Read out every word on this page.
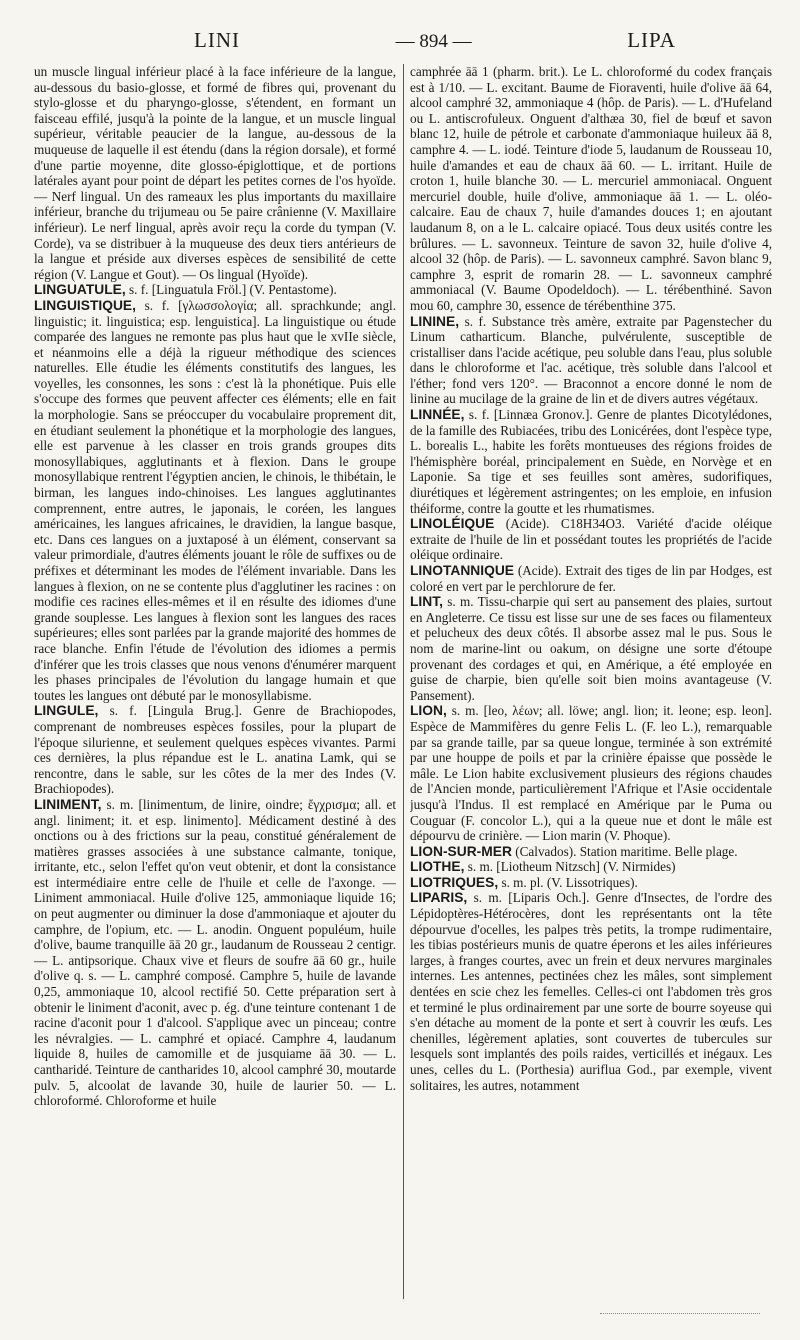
LINI	— 894 —	LIPA

un muscle lingual inférieur placé à la face inférieure de la langue, au-dessous du basio-glosse, et formé de fibres qui, provenant du stylo-glosse et du pharyngo-glosse, s'étendent, en formant un faisceau effilé, jusqu'à la pointe de la langue, et un muscle lingual supérieur, véritable peaucier de la langue, au-dessous de la muqueuse de laquelle il est étendu (dans la région dorsale), et formé d'une partie moyenne, dite glosso-épiglottique, et de portions latérales ayant pour point de départ les petites cornes de l'os hyoïde. — Nerf lingual. Un des rameaux les plus importants du maxillaire inférieur, branche du trijumeau ou 5e paire crânienne (V. Maxillaire inférieur). Le nerf lingual, après avoir reçu la corde du tympan (V. Corde), va se distribuer à la muqueuse des deux tiers antérieurs de la langue et préside aux diverses espèces de sensibilité de cette région (V. Langue et Gout). — Os lingual (Hyoïde).

LINGUATULE, s. f. [Linguatula Fröl.] (V. Pentastome).

LINGUISTIQUE, s. f. [γλωσσολογία; all. sprachkunde; angl. linguistic; it. linguistica; esp. lenguistica]. La linguistique ou étude comparée des langues ne remonte pas plus haut que le xvIIe siècle, et néanmoins elle a déjà la rigueur méthodique des sciences naturelles. Elle étudie les éléments constitutifs des langues, les voyelles, les consonnes, les sons : c'est là la phonétique. Puis elle s'occupe des formes que peuvent affecter ces éléments; elle en fait la morphologie. Sans se préoccuper du vocabulaire proprement dit, en étudiant seulement la phonétique et la morphologie des langues, elle est parvenue à les classer en trois grands groupes dits monosyllabiques, agglutinants et à flexion. Dans le groupe monosyllabique rentrent l'égyptien ancien, le chinois, le thibétain, le birman, les langues indo-chinoises. Les langues agglutinantes comprennent, entre autres, le japonais, le coréen, les langues américaines, les langues africaines, le dravidien, la langue basque, etc. Dans ces langues on a juxtaposé à un élément, conservant sa valeur primordiale, d'autres éléments jouant le rôle de suffixes ou de préfixes et déterminant les modes de l'élément invariable. Dans les langues à flexion, on ne se contente plus d'agglutiner les racines : on modifie ces racines elles-mêmes et il en résulte des idiomes d'une grande souplesse. Les langues à flexion sont les langues des races supérieures; elles sont parlées par la grande majorité des hommes de race blanche. Enfin l'étude de l'évolution des idiomes a permis d'inférer que les trois classes que nous venons d'énumérer marquent les phases principales de l'évolution du langage humain et que toutes les langues ont débuté par le monosyllabisme.

LINGULE, s. f. [Lingula Brug.]. Genre de Brachiopodes, comprenant de nombreuses espèces fossiles, pour la plupart de l'époque silurienne, et seulement quelques espèces vivantes. Parmi ces dernières, la plus répandue est le L. anatina Lamk, qui se rencontre, dans le sable, sur les côtes de la mer des Indes (V. Brachiopodes).

LINIMENT, s. m. [linimentum, de linire, oindre; ἔγχρισμα; all. et angl. liniment; it. et esp. linimento]. Médicament destiné à des onctions ou à des frictions sur la peau, constitué généralement de matières grasses associées à une substance calmante, tonique, irritante, etc., selon l'effet qu'on veut obtenir, et dont la consistance est intermédiaire entre celle de l'huile et celle de l'axonge. — Liniment ammoniacal. Huile d'olive 125, ammoniaque liquide 16; on peut augmenter ou diminuer la dose d'ammoniaque et ajouter du camphre, de l'opium, etc. — L. anodin. Onguent populéum, huile d'olive, baume tranquille āā 20 gr., laudanum de Rousseau 2 centigr. — L. antipsorique. Chaux vive et fleurs de soufre āā 60 gr., huile d'olive q. s. — L. camphré composé. Camphre 5, huile de lavande 0,25, ammoniaque 10, alcool rectifié 50. Cette préparation sert à obtenir le liniment d'aconit, avec p. ég. d'une teinture contenant 1 de racine d'aconit pour 1 d'alcool. S'applique avec un pinceau; contre les névralgies. — L. camphré et opiacé. Camphre 4, laudanum liquide 8, huiles de camomille et de jusquiame āā 30. — L. cantharidé. Teinture de cantharides 10, alcool camphré 30, moutarde pulv. 5, alcoolat de lavande 30, huile de laurier 50. — L. chloroformé. Chloroforme et huile

camphrée āā 1 (pharm. brit.). Le L. chloroformé du codex français est à 1/10. — L. excitant. Baume de Fioraventi, huile d'olive āā 64, alcool camphré 32, ammoniaque 4 (hôp. de Paris). — L. d'Hufeland ou L. antiscrofuleux. Onguent d'althæa 30, fiel de bœuf et savon blanc 12, huile de pétrole et carbonate d'ammoniaque huileux āā 8, camphre 4. — L. iodé. Teinture d'iode 5, laudanum de Rousseau 10, huile d'amandes et eau de chaux āā 60. — L. irritant. Huile de croton 1, huile blanche 30. — L. mercuriel ammoniacal. Onguent mercuriel double, huile d'olive, ammoniaque āā 1. — L. oléo-calcaire. Eau de chaux 7, huile d'amandes douces 1; en ajoutant laudanum 8, on a le L. calcaire opiacé. Tous deux usités contre les brûlures. — L. savonneux. Teinture de savon 32, huile d'olive 4, alcool 32 (hôp. de Paris). — L. savonneux camphré. Savon blanc 9, camphre 3, esprit de romarin 28. — L. savonneux camphré ammoniacal (V. Baume Opodeldoch). — L. térébenthiné. Savon mou 60, camphre 30, essence de térébenthine 375.

LININE, s. f. Substance très amère, extraite par Pagenstecher du Linum catharticum. Blanche, pulvérulente, susceptible de cristalliser dans l'acide acétique, peu soluble dans l'eau, plus soluble dans le chloroforme et l'ac. acétique, très soluble dans l'alcool et l'éther; fond vers 120°. — Braconnot a encore donné le nom de linine au mucilage de la graine de lin et de divers autres végétaux.

LINNÉE, s. f. [Linnæa Gronov.]. Genre de plantes Dicotylédones, de la famille des Rubiacées, tribu des Lonicérées, dont l'espèce type, L. borealis L., habite les forêts montueuses des régions froides de l'hémisphère boréal, principalement en Suède, en Norvège et en Laponie. Sa tige et ses feuilles sont amères, sudorifiques, diurétiques et légèrement astringentes; on les emploie, en infusion théiforme, contre la goutte et les rhumatismes.

LINOLÉIQUE (Acide). C18H34O3. Variété d'acide oléique extraite de l'huile de lin et possédant toutes les propriétés de l'acide oléique ordinaire.

LINOTANNIQUE (Acide). Extrait des tiges de lin par Hodges, est coloré en vert par le perchlorure de fer.

LINT, s. m. Tissu-charpie qui sert au pansement des plaies, surtout en Angleterre. Ce tissu est lisse sur une de ses faces ou filamenteux et pelucheux des deux côtés. Il absorbe assez mal le pus. Sous le nom de marine-lint ou oakum, on désigne une sorte d'étoupe provenant des cordages et qui, en Amérique, a été employée en guise de charpie, bien qu'elle soit bien moins avantageuse (V. Pansement).

LION, s. m. [leo, λέων; all. löwe; angl. lion; it. leone; esp. leon]. Espèce de Mammifères du genre Felis L. (F. leo L.), remarquable par sa grande taille, par sa queue longue, terminée à son extrémité par une houppe de poils et par la crinière épaisse que possède le mâle. Le Lion habite exclusivement plusieurs des régions chaudes de l'Ancien monde, particulièrement l'Afrique et l'Asie occidentale jusqu'à l'Indus. Il est remplacé en Amérique par le Puma ou Couguar (F. concolor L.), qui a la queue nue et dont le mâle est dépourvu de crinière. — Lion marin (V. Phoque).

LION-SUR-MER (Calvados). Station maritime. Belle plage.

LIOTHE, s. m. [Liotheum Nitzsch] (V. Nirmides)

LIOTRIQUES, s. m. pl. (V. Lissotriques).

LIPARIS, s. m. [Liparis Och.]. Genre d'Insectes, de l'ordre des Lépidoptères-Hétérocères, dont les représentants ont la tête dépourvue d'ocelles, les palpes très petits, la trompe rudimentaire, les tibias postérieurs munis de quatre éperons et les ailes inférieures larges, à franges courtes, avec un frein et deux nervures marginales internes. Les antennes, pectinées chez les mâles, sont simplement dentées en scie chez les femelles. Celles-ci ont l'abdomen très gros et terminé le plus ordinairement par une sorte de bourre soyeuse qui s'en détache au moment de la ponte et sert à couvrir les œufs. Les chenilles, légèrement aplaties, sont couvertes de tubercules sur lesquels sont implantés des poils raides, verticillés et inégaux. Les unes, celles du L. (Porthesia) auriflua God., par exemple, vivent solitaires, les autres, notamment
